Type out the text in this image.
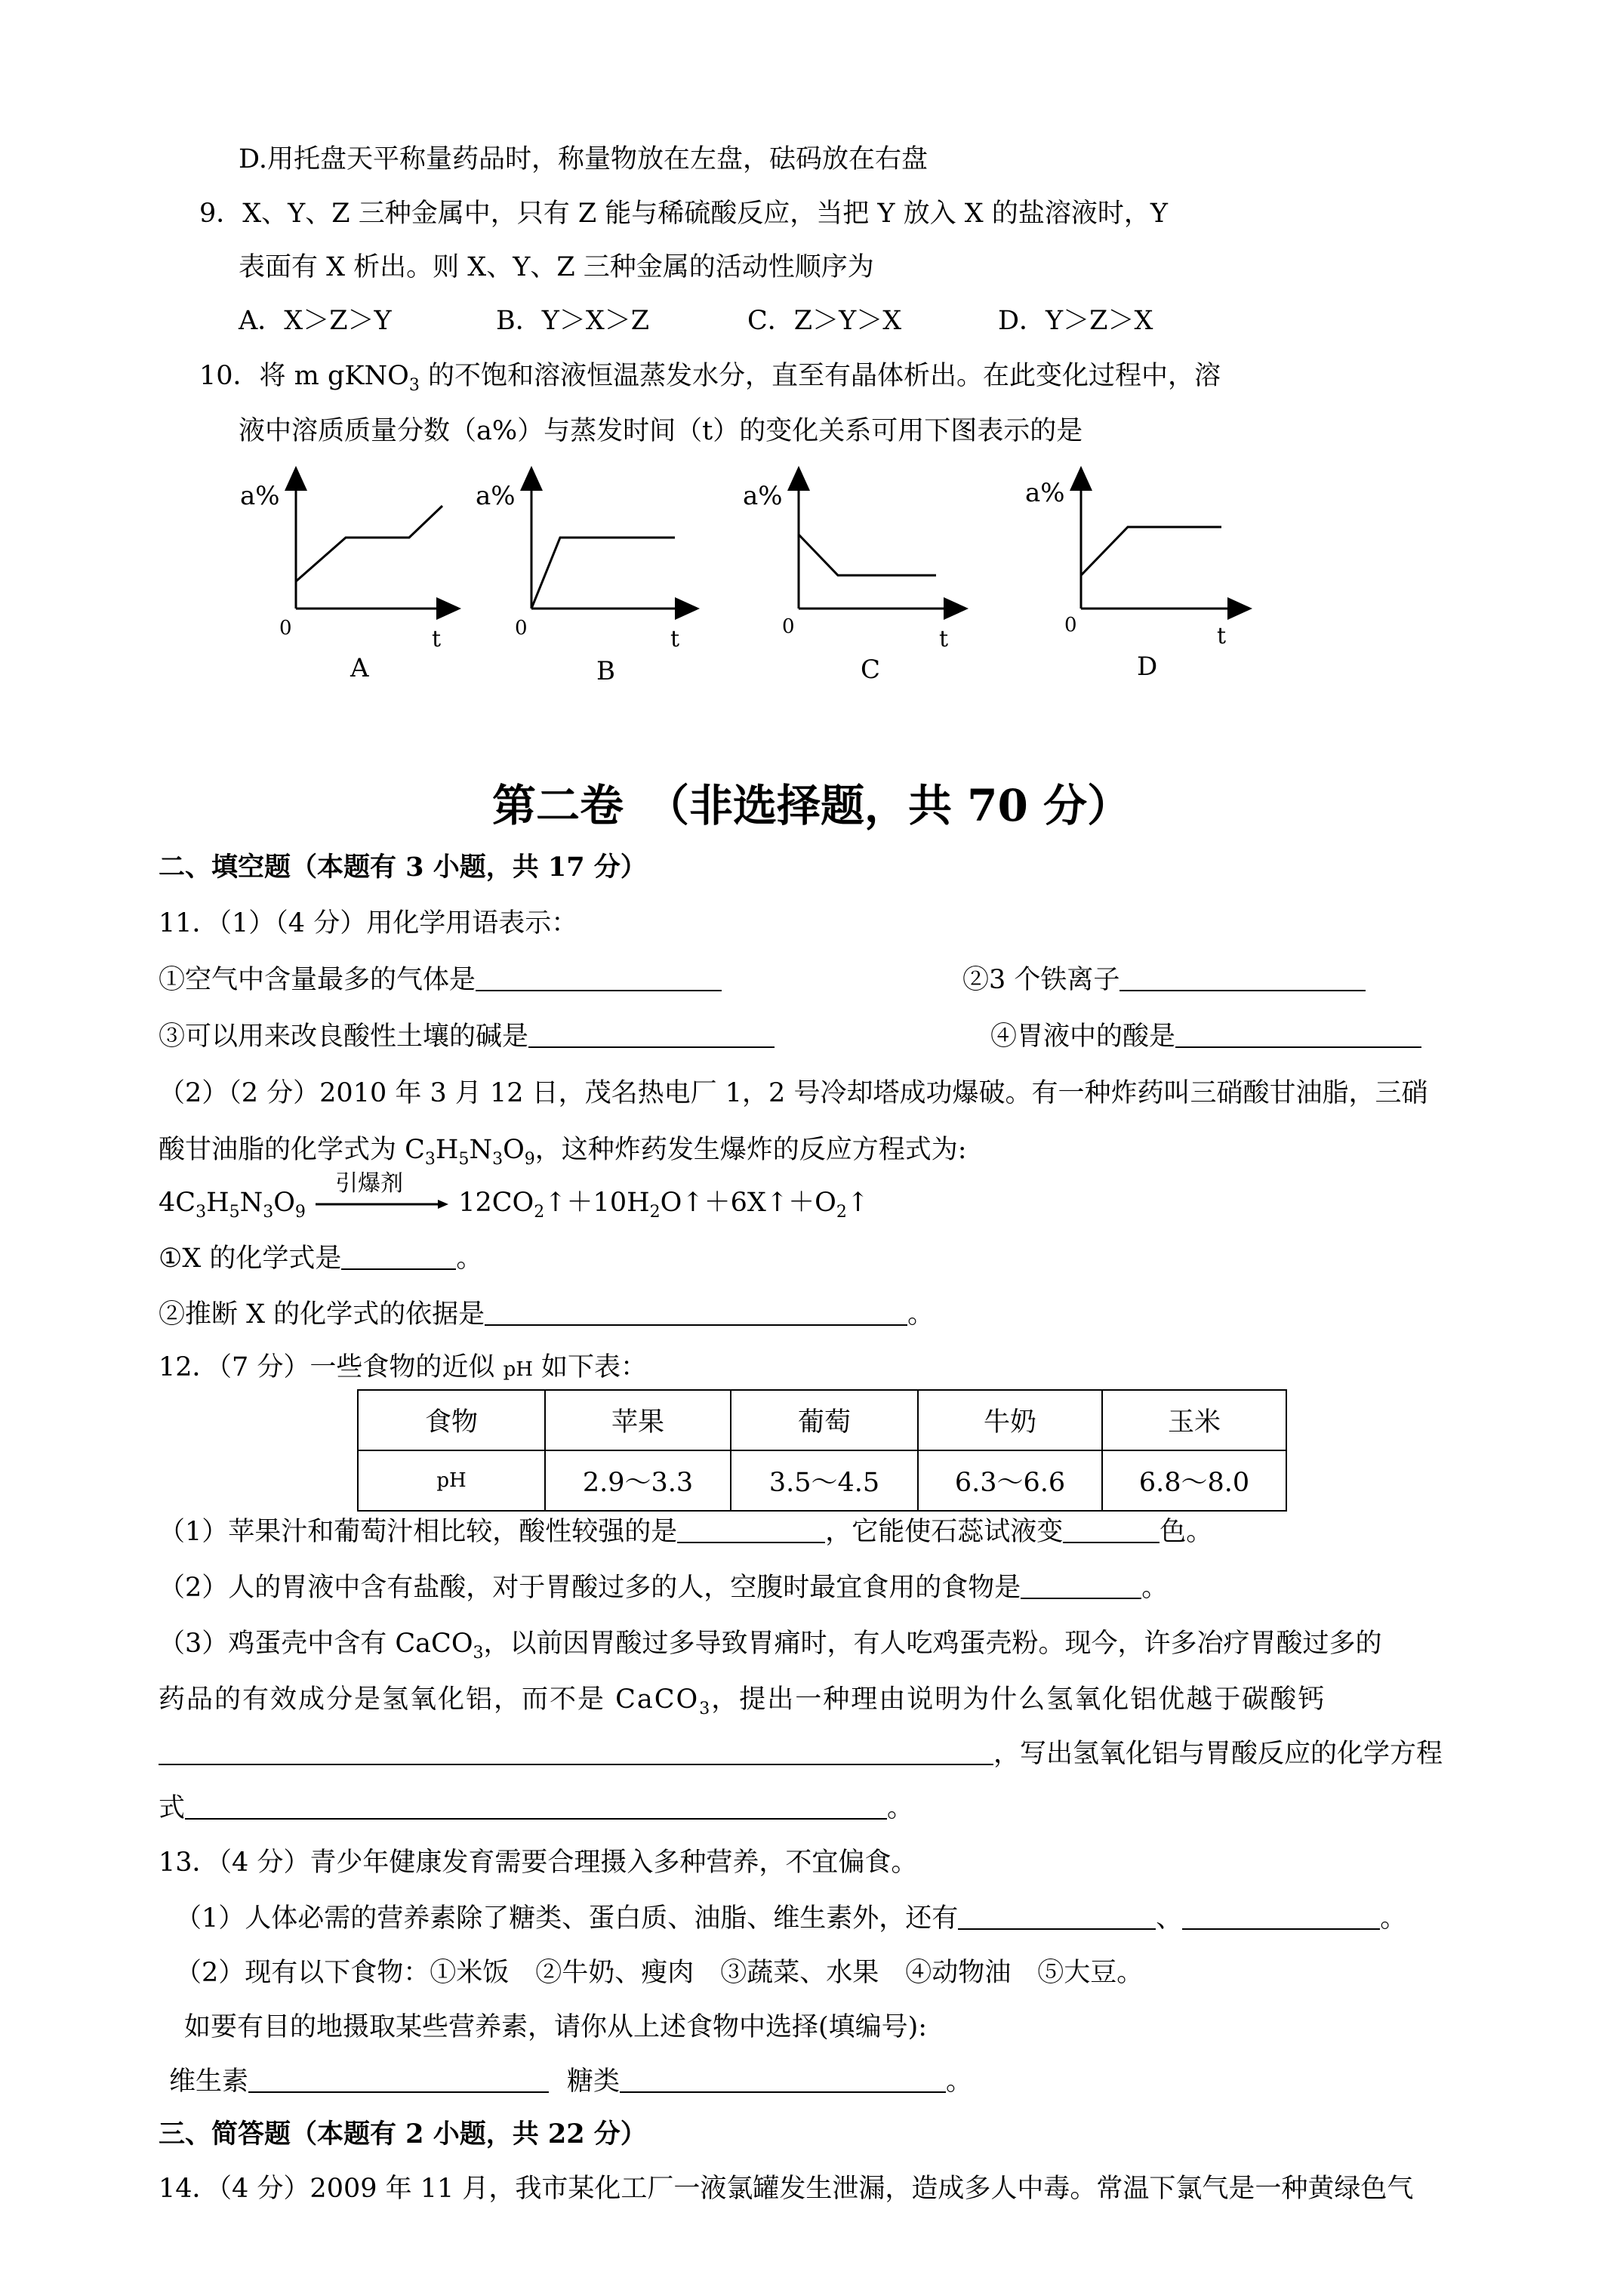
D.用托盘天平称量药品时，称量物放在左盘，砝码放在右盘
9．X、Y、Z 三种金属中，只有 Z 能与稀硫酸反应，当把 Y 放入 X 的盐溶液时，Y
表面有 X 析出。则 X、Y、Z 三种金属的活动性顺序为
A．X＞Z＞Y	B．Y＞X＞Z	C．Z＞Y＞X	D．Y＞Z＞X
10．将 m gKNO$_3$ 的不饱和溶液恒温蒸发水分，直至有晶体析出。在此变化过程中，溶
液中溶质质量分数（a%）与蒸发时间（t）的变化关系可用下图表示的是
a%
0	t
A
a%
0	t
B
a%
0	t
C
a%
0	t
D
第二卷　（非选择题，共 70 分）
二、填空题（本题有 3 小题，共 17 分）
11．（1）（4 分）用化学用语表示：
①空气中含量最多的气体是	②3 个铁离子
③可以用来改良酸性土壤的碱是	④胃液中的酸是
（2）（2 分）2010 年 3 月 12 日，茂名热电厂 1，2 号冷却塔成功爆破。有一种炸药叫三硝酸甘油脂，三硝
酸甘油脂的化学式为 $C_3H_5N_3O_9$，这种炸药发生爆炸的反应方程式为:
$4C_3H_5N_3O_9$
引爆剂
$12CO_2↑+10H_2O↑+6X↑+O_2↑$
①X 的化学式是	。
②推断 X 的化学式的依据是	。
12．（7 分）一些食物的近似 pH 如下表：
食物	苹果	葡萄	牛奶	玉米
pH	2.9～3.3	3.5～4.5	6.3～6.6	6.8～8.0
（1）苹果汁和葡萄汁相比较，酸性较强的是	，它能使石蕊试液变	色。
（2）人的胃液中含有盐酸，对于胃酸过多的人，空腹时最宜食用的食物是	。
（3）鸡蛋壳中含有 CaCO$_3$，以前因胃酸过多导致胃痛时，有人吃鸡蛋壳粉。现今，许多冶疗胃酸过多的
药品的有效成分是氢氧化铝，而不是 CaCO$_3$，提出一种理由说明为什么氢氧化铝优越于碳酸钙
，写出氢氧化铝与胃酸反应的化学方程
式	。
13．（4 分）青少年健康发育需要合理摄入多种营养，不宜偏食。
（1）人体必需的营养素除了糖类、蛋白质、油脂、维生素外，还有	、	。
（2）现有以下食物：①米饭　②牛奶、瘦肉　③蔬菜、水果　④动物油　⑤大豆。
如要有目的地摄取某些营养素，请你从上述食物中选择(填编号):
维生素	糖类	。
三、简答题（本题有 2 小题，共 22 分）
14．（4 分）2009 年 11 月，我市某化工厂一液氯罐发生泄漏，造成多人中毒。常温下氯气是一种黄绿色气
